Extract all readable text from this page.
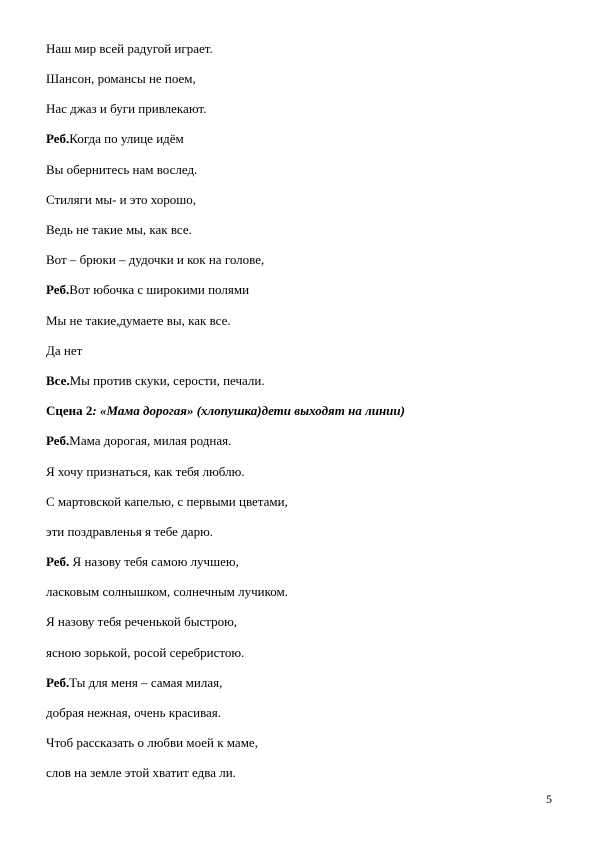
Наш мир всей радугой играет.
Шансон, романсы не поем,
Нас джаз и буги привлекают.
Реб.Когда по улице идём
Вы обернитесь нам вослед.
Стиляги мы- и это хорошо,
Ведь не такие мы, как все.
Вот – брюки – дудочки и кок на голове,
Реб.Вот юбочка с широкими полями
Мы не такие,думаете вы, как все.
Да нет
Все.Мы против скуки, серости, печали.
Сцена 2: «Мама дорогая» (хлопушка)дети выходят на линии)
Реб.Мама дорогая, милая родная.
Я хочу признаться, как тебя люблю.
С мартовской капелью, с первыми цветами,
эти поздравленья я тебе дарю.
Реб. Я назову тебя самою лучшею,
ласковым солнышком, солнечным лучиком.
Я назову тебя реченькой быстрою,
ясною зорькой, росой серебристою.
Реб.Ты для меня – самая милая,
добрая нежная, очень красивая.
Чтоб рассказать о любви моей к маме,
слов на земле этой хватит едва ли.
5
